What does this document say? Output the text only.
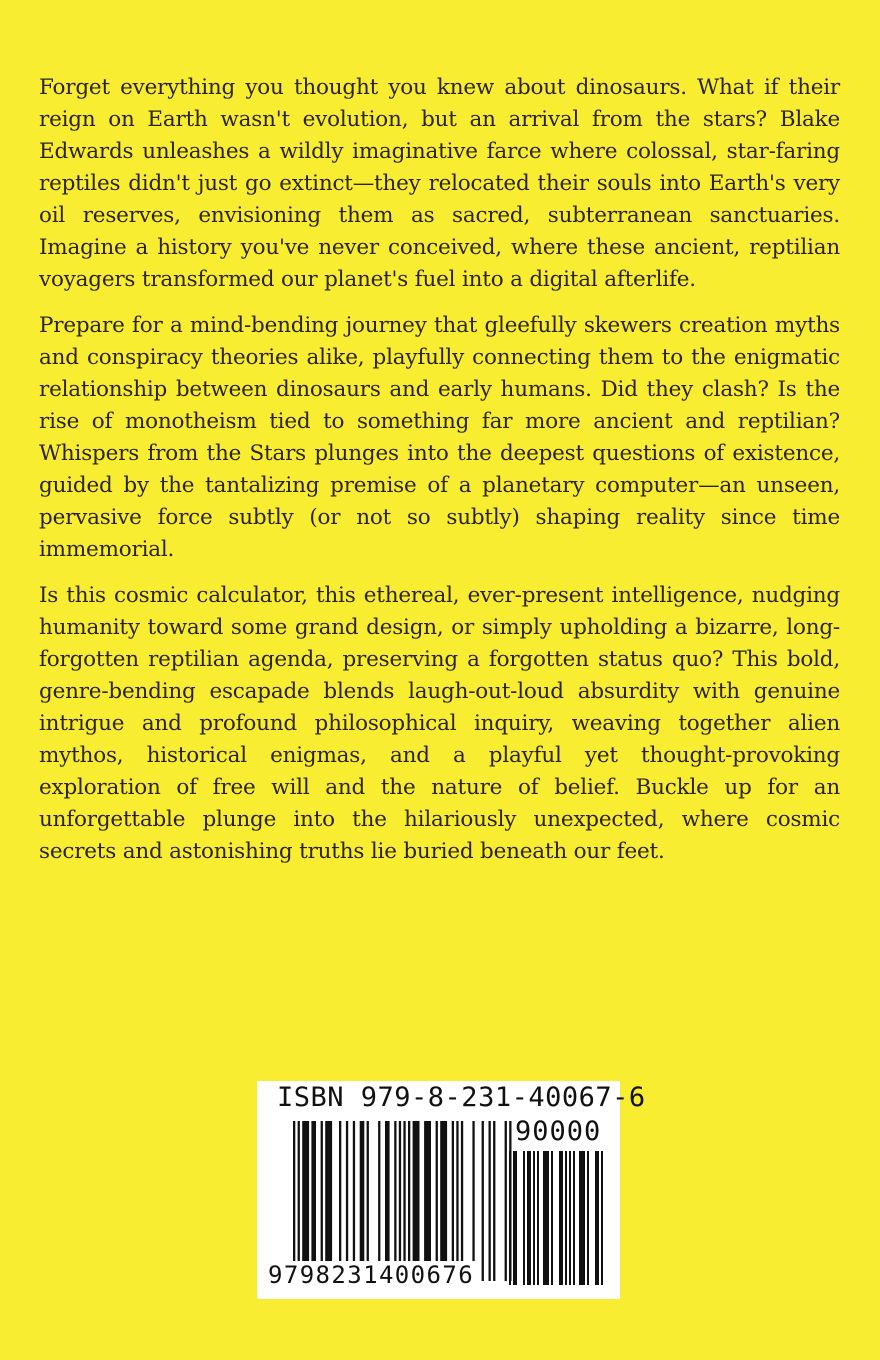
Forget everything you thought you knew about dinosaurs. What if their reign on Earth wasn't evolution, but an arrival from the stars? Blake Edwards unleashes a wildly imaginative farce where colossal, star-faring reptiles didn't just go extinct—they relocated their souls into Earth's very oil reserves, envisioning them as sacred, subterranean sanctuaries. Imagine a history you've never conceived, where these ancient, reptilian voyagers transformed our planet's fuel into a digital afterlife.

Prepare for a mind-bending journey that gleefully skewers creation myths and conspiracy theories alike, playfully connecting them to the enigmatic relationship between dinosaurs and early humans. Did they clash? Is the rise of monotheism tied to something far more ancient and reptilian? Whispers from the Stars plunges into the deepest questions of existence, guided by the tantalizing premise of a planetary computer—an unseen, pervasive force subtly (or not so subtly) shaping reality since time immemorial.

Is this cosmic calculator, this ethereal, ever-present intelligence, nudging humanity toward some grand design, or simply upholding a bizarre, long-forgotten reptilian agenda, preserving a forgotten status quo? This bold, genre-bending escapade blends laugh-out-loud absurdity with genuine intrigue and profound philosophical inquiry, weaving together alien mythos, historical enigmas, and a playful yet thought-provoking exploration of free will and the nature of belief. Buckle up for an unforgettable plunge into the hilariously unexpected, where cosmic secrets and astonishing truths lie buried beneath our feet.

ISBN 979-8-231-40067-6
90000
9798231400676
